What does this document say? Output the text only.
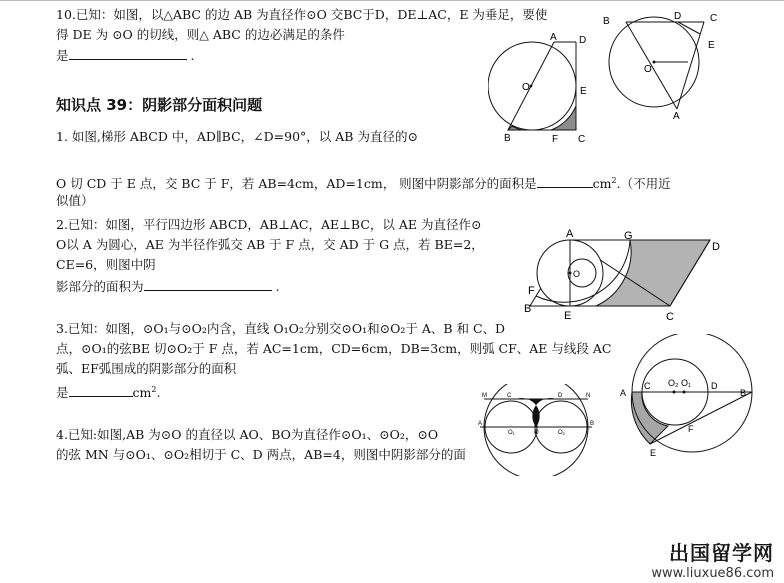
10.已知：如图，以△ABC 的边 AB 为直径作⊙O 交BC于D，DE⊥AC，E 为垂足，要使
得 DE 为 ⊙O 的切线，则△ ABC 的边必满足的条件
是	.
知识点 39：阴影部分面积问题
1. 如图,梯形 ABCD 中，AD∥BC，∠D=90°，以 AB 为直径的⊙
O 切 CD 于 E 点，交 BC 于 F，若 AB=4cm，AD=1cm， 则图中阴影部分的面积是	$cm^2$.（不用近
似值）
2.已知：如图，平行四边形 ABCD，AB⊥AC，AE⊥BC，以 AE 为直径作⊙
O以 A 为圆心，AE 为半径作弧交 AB 于 F 点，交 AD 于 G 点，若 BE=2，
CE=6，则图中阴
影部分的面积为	.
3.已知：如图，⊙O₁与⊙O₂内含，直线 O₁O₂分别交⊙O₁和⊙O₂于 A、B 和 C、D
点，⊙O₁的弦BE 切⊙O₂于 F 点，若 AC=1cm，CD=6cm，DB=3cm，则弧 CF、AE 与线段 AC
弧、EF弧围成的阴影部分的面积
是	$cm^2$.
4.已知:如图,AB 为⊙O 的直径以 AO、BO为直径作⊙O₁、⊙O₂，⊙O
的弦 MN 与⊙O₁、⊙O₂相切于 C、D 两点，AB=4，则图中阴影部分的面
B	D	C
E
O
A
A D
O	E
B	F C
A	G
D
O
F
B
E	C
M	C	D	N
A
O1	O	O2
B
A
C O₂ O₁ D
B
F
E
出国留学网
www.liuxue86.com
